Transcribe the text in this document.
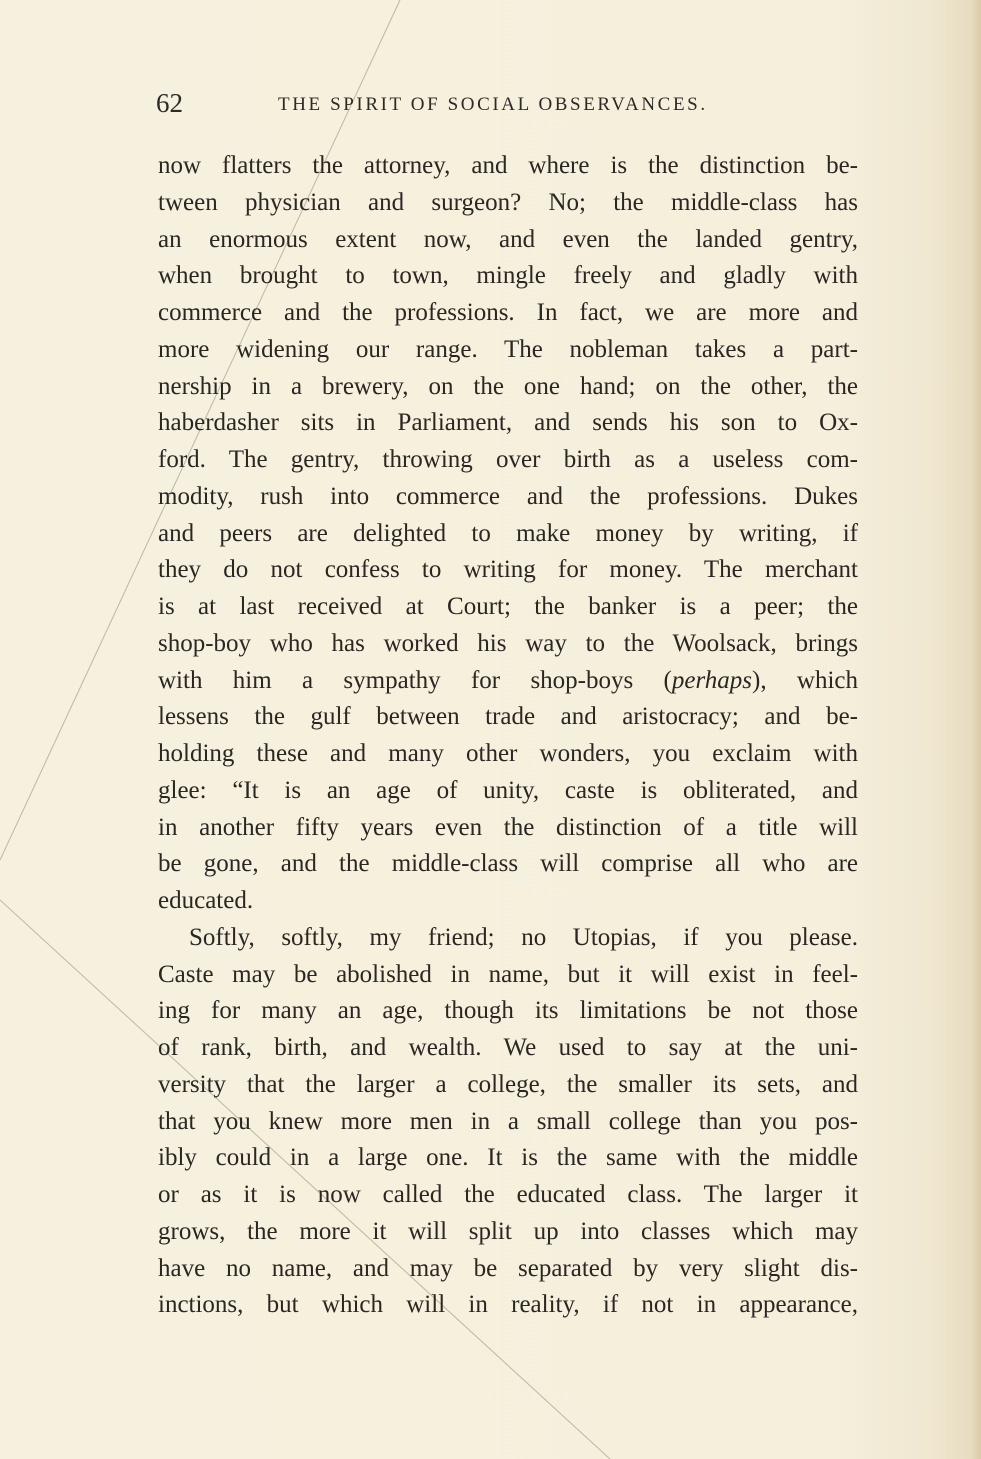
62	THE SPIRIT OF SOCIAL OBSERVANCES.
now flatters the attorney, and where is the distinction be-
tween physician and surgeon? No; the middle-class has
an enormous extent now, and even the landed gentry,
when brought to town, mingle freely and gladly with
commerce and the professions. In fact, we are more and
more widening our range. The nobleman takes a part-
nership in a brewery, on the one hand; on the other, the
haberdasher sits in Parliament, and sends his son to Ox-
ford. The gentry, throwing over birth as a useless com-
modity, rush into commerce and the professions. Dukes
and peers are delighted to make money by writing, if
they do not confess to writing for money. The merchant
is at last received at Court; the banker is a peer; the
shop-boy who has worked his way to the Woolsack, brings
with him a sympathy for shop-boys (perhaps), which
lessens the gulf between trade and aristocracy; and be-
holding these and many other wonders, you exclaim with
glee: “It is an age of unity, caste is obliterated, and
in another fifty years even the distinction of a title will
be gone, and the middle-class will comprise all who are
educated.
Softly, softly, my friend; no Utopias, if you please.
Caste may be abolished in name, but it will exist in feel-
ing for many an age, though its limitations be not those
of rank, birth, and wealth. We used to say at the uni-
versity that the larger a college, the smaller its sets, and
that you knew more men in a small college than you pos-
ibly could in a large one. It is the same with the middle
or as it is now called the educated class. The larger it
grows, the more it will split up into classes which may
have no name, and may be separated by very slight dis-
inctions, but which will in reality, if not in appearance,
